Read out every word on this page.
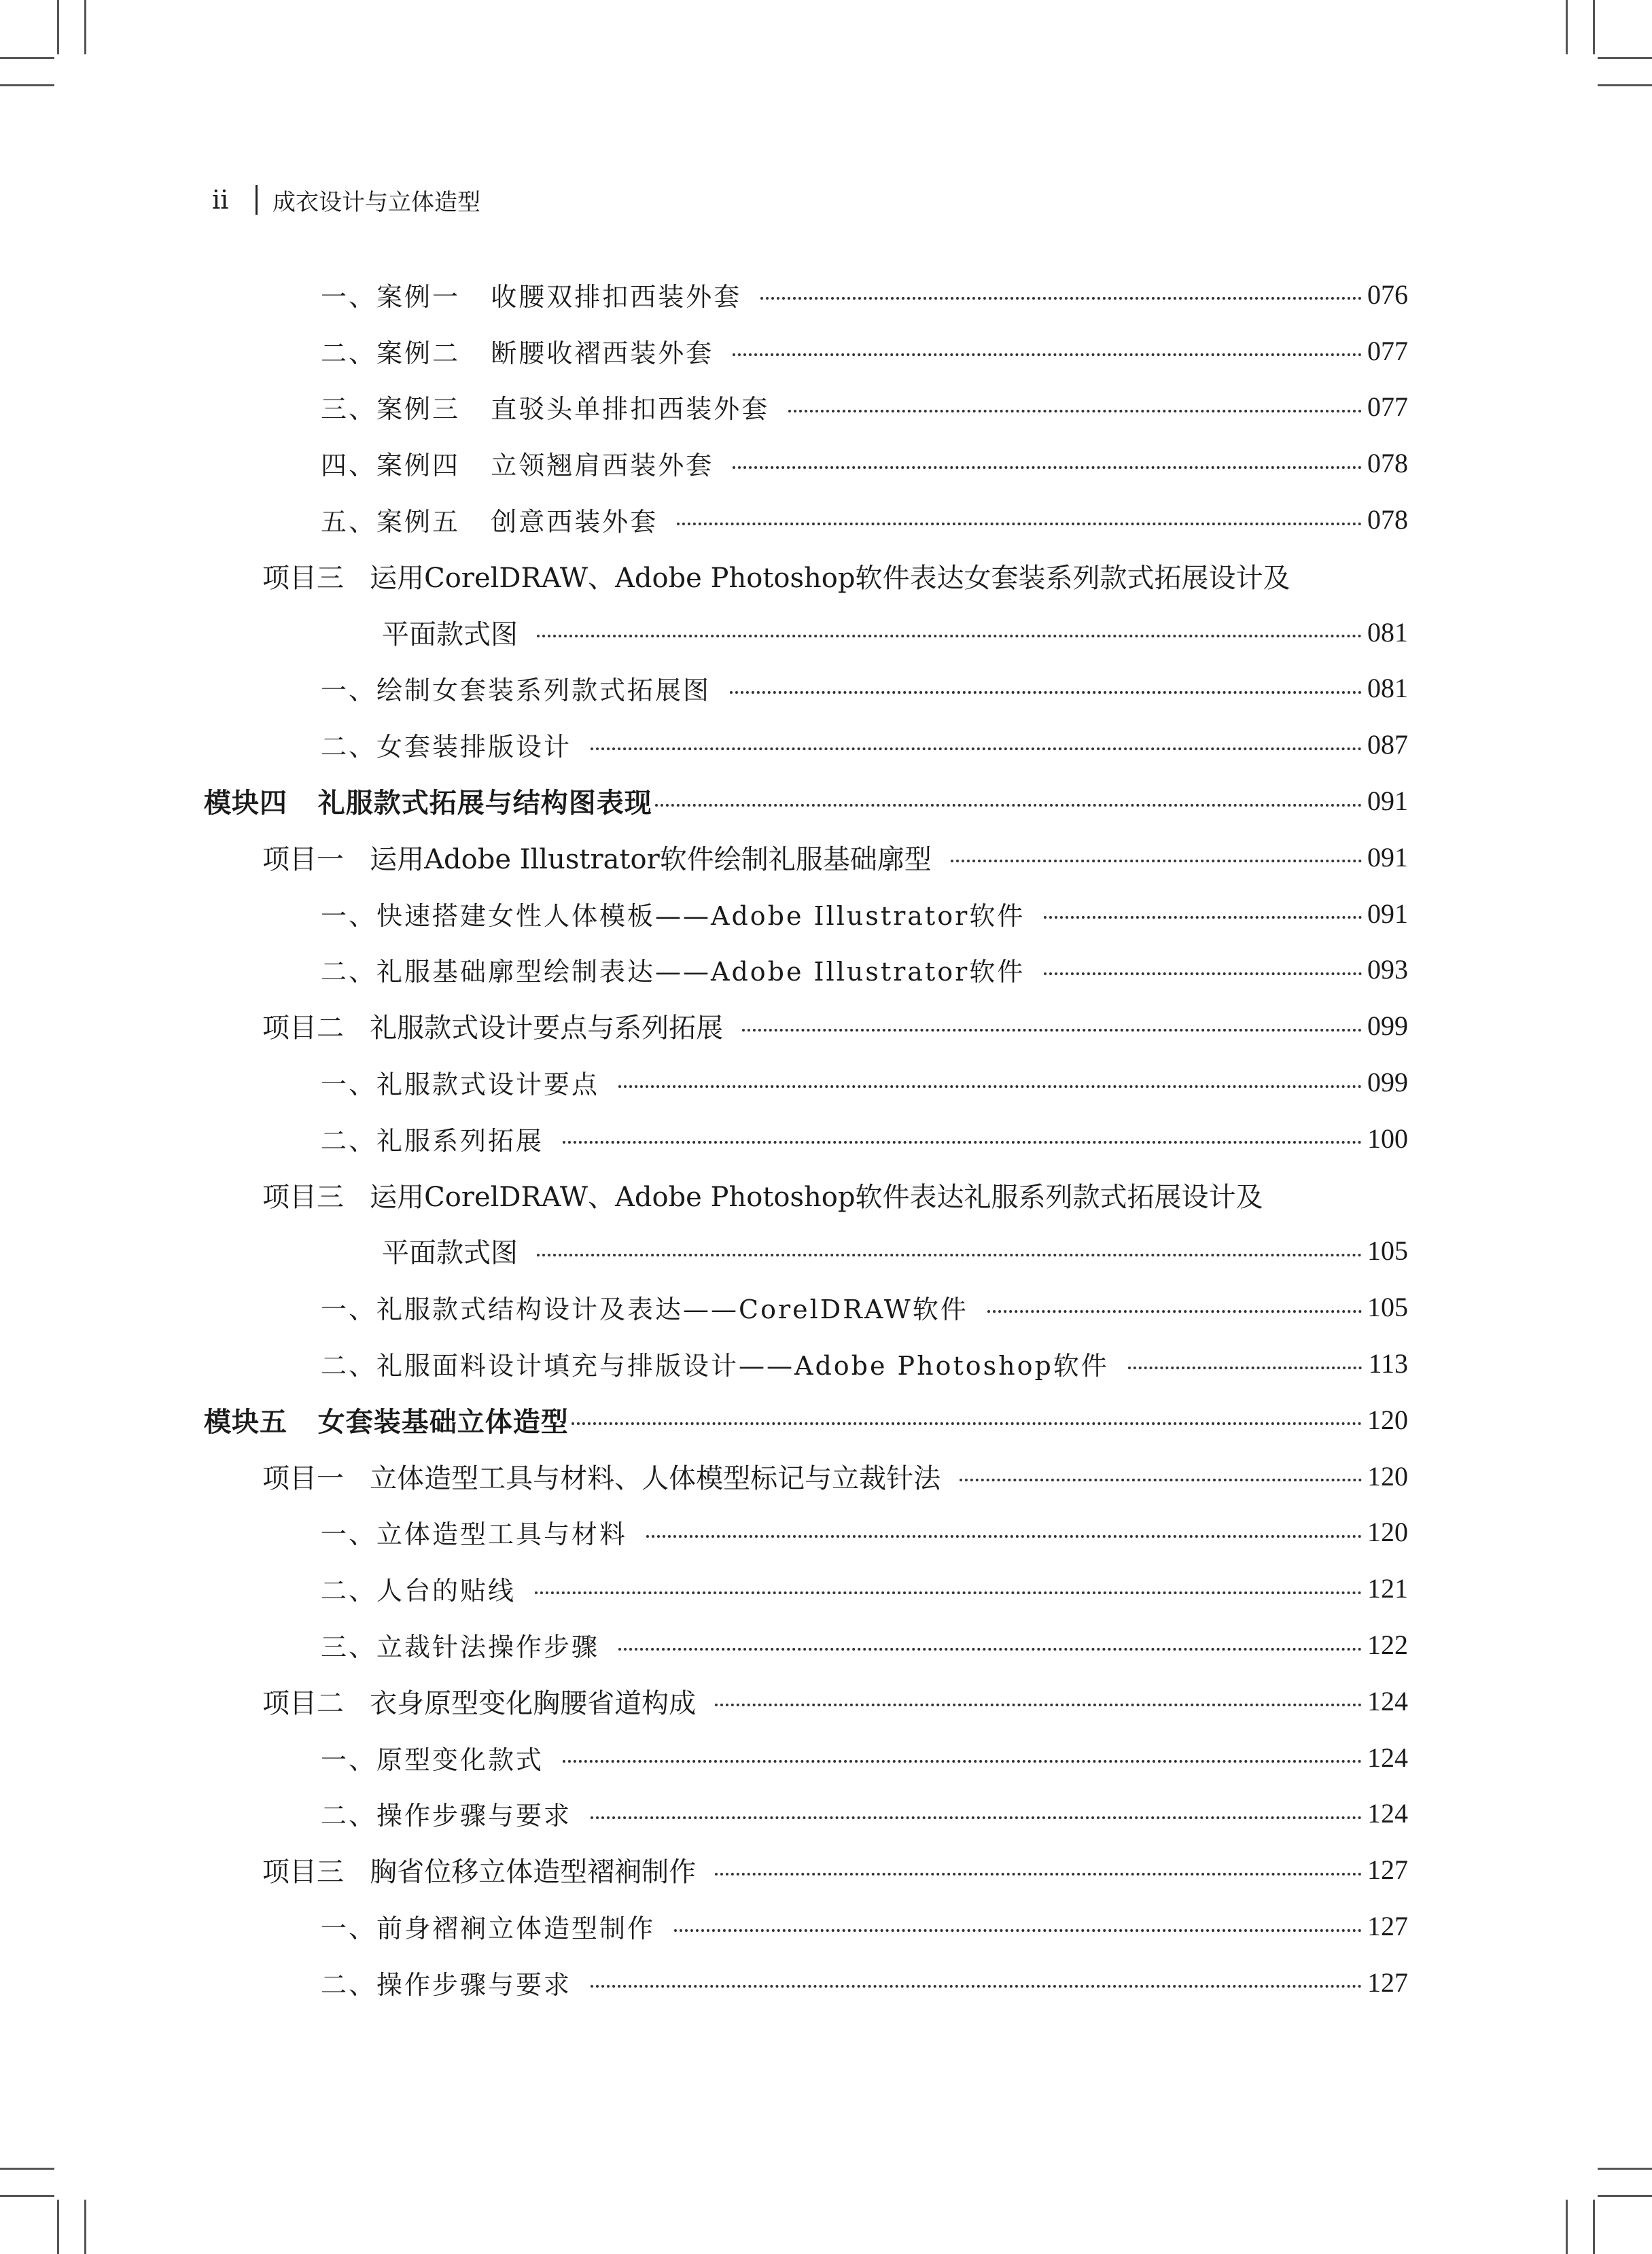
ii	成衣设计与立体造型
一、案例一   收腰双排扣西装外套	076
二、案例二   断腰收褶西装外套	077
三、案例三   直驳头单排扣西装外套	077
四、案例四   立领翘肩西装外套	078
五、案例五   创意西装外套	078
项目三   运用CorelDRAW、Adobe Photoshop软件表达女套装系列款式拓展设计及
平面款式图	081
一、绘制女套装系列款式拓展图	081
二、女套装排版设计	087
模块四   礼服款式拓展与结构图表现	091
项目一   运用Adobe Illustrator软件绘制礼服基础廓型	091
一、快速搭建女性人体模板——Adobe Illustrator软件	091
二、礼服基础廓型绘制表达——Adobe Illustrator软件	093
项目二   礼服款式设计要点与系列拓展	099
一、礼服款式设计要点	099
二、礼服系列拓展	100
项目三   运用CorelDRAW、Adobe Photoshop软件表达礼服系列款式拓展设计及
平面款式图	105
一、礼服款式结构设计及表达——CorelDRAW软件	105
二、礼服面料设计填充与排版设计——Adobe Photoshop软件	113
模块五   女套装基础立体造型	120
项目一   立体造型工具与材料、人体模型标记与立裁针法	120
一、立体造型工具与材料	120
二、人台的贴线	121
三、立裁针法操作步骤	122
项目二   衣身原型变化胸腰省道构成	124
一、原型变化款式	124
二、操作步骤与要求	124
项目三   胸省位移立体造型褶裥制作	127
一、前身褶裥立体造型制作	127
二、操作步骤与要求	127
